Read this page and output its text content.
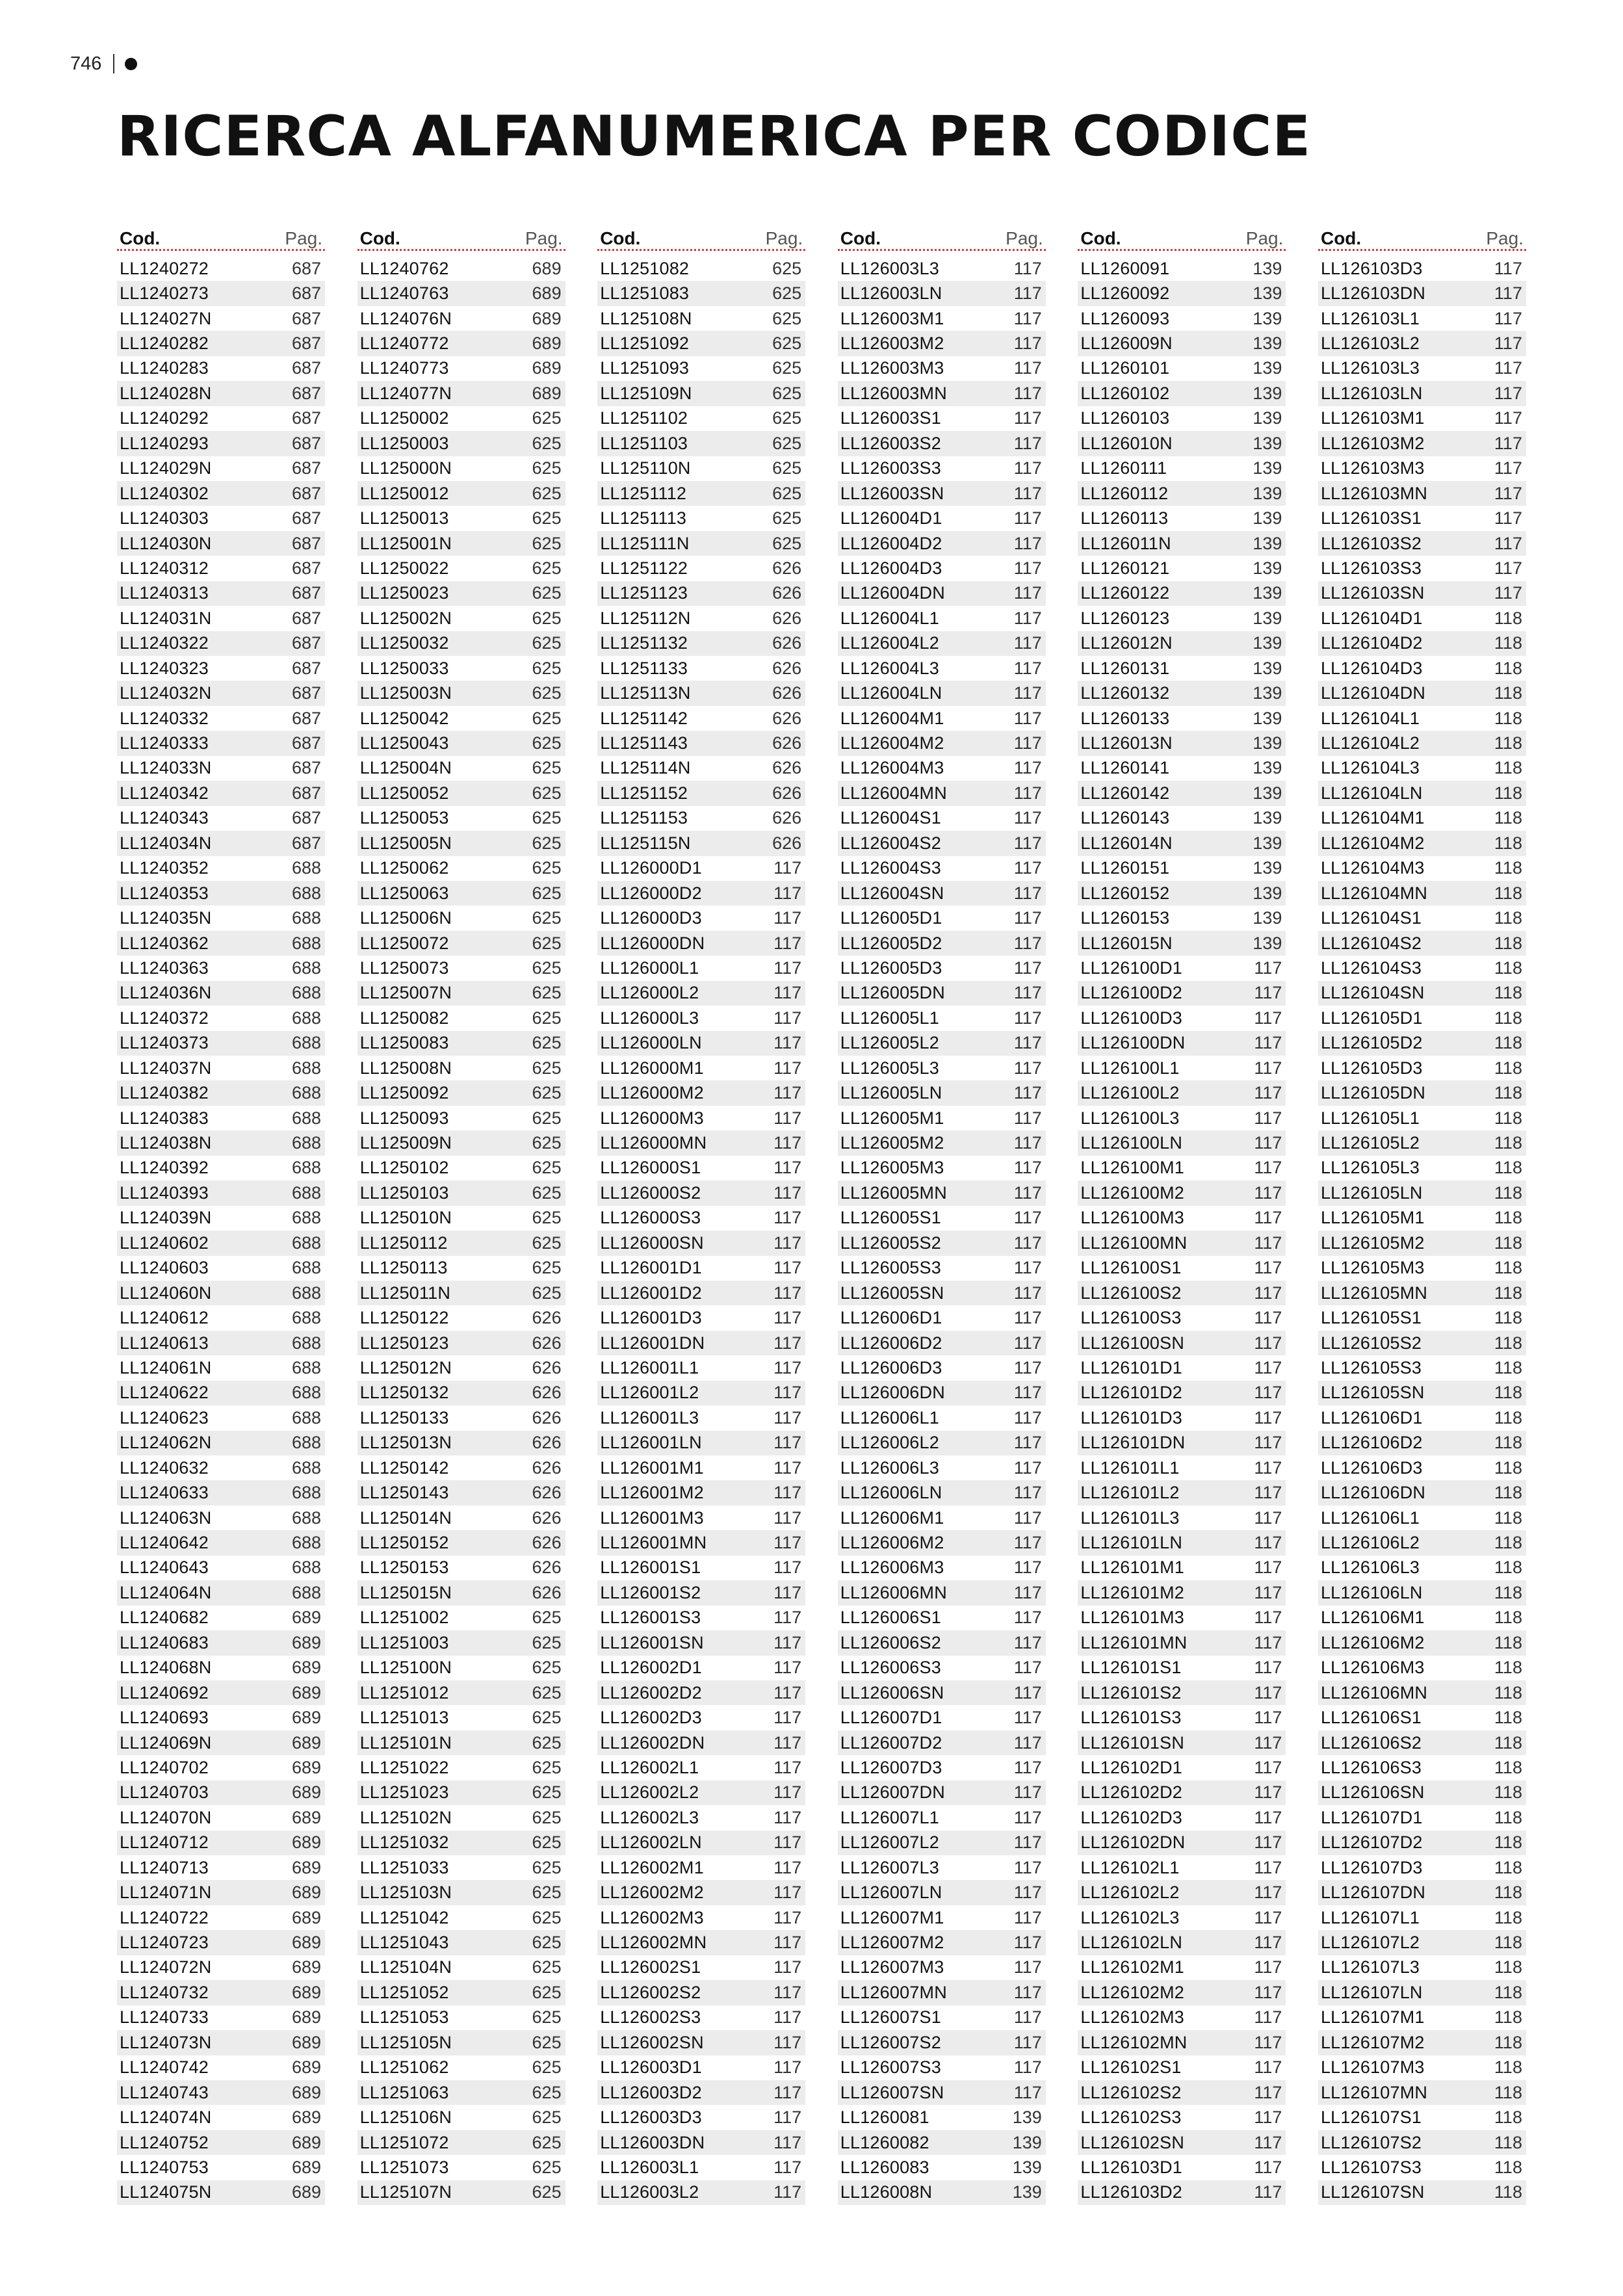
746
RICERCA ALFANUMERICA PER CODICE
Cod.	Pag.
LL1240272	687
LL1240273	687
LL124027N	687
LL1240282	687
LL1240283	687
LL124028N	687
LL1240292	687
LL1240293	687
LL124029N	687
LL1240302	687
LL1240303	687
LL124030N	687
LL1240312	687
LL1240313	687
LL124031N	687
LL1240322	687
LL1240323	687
LL124032N	687
LL1240332	687
LL1240333	687
LL124033N	687
LL1240342	687
LL1240343	687
LL124034N	687
LL1240352	688
LL1240353	688
LL124035N	688
LL1240362	688
LL1240363	688
LL124036N	688
LL1240372	688
LL1240373	688
LL124037N	688
LL1240382	688
LL1240383	688
LL124038N	688
LL1240392	688
LL1240393	688
LL124039N	688
LL1240602	688
LL1240603	688
LL124060N	688
LL1240612	688
LL1240613	688
LL124061N	688
LL1240622	688
LL1240623	688
LL124062N	688
LL1240632	688
LL1240633	688
LL124063N	688
LL1240642	688
LL1240643	688
LL124064N	688
LL1240682	689
LL1240683	689
LL124068N	689
LL1240692	689
LL1240693	689
LL124069N	689
LL1240702	689
LL1240703	689
LL124070N	689
LL1240712	689
LL1240713	689
LL124071N	689
LL1240722	689
LL1240723	689
LL124072N	689
LL1240732	689
LL1240733	689
LL124073N	689
LL1240742	689
LL1240743	689
LL124074N	689
LL1240752	689
LL1240753	689
LL124075N	689
Cod.	Pag.
LL1240762	689
LL1240763	689
LL124076N	689
LL1240772	689
LL1240773	689
LL124077N	689
LL1250002	625
LL1250003	625
LL125000N	625
LL1250012	625
LL1250013	625
LL125001N	625
LL1250022	625
LL1250023	625
LL125002N	625
LL1250032	625
LL1250033	625
LL125003N	625
LL1250042	625
LL1250043	625
LL125004N	625
LL1250052	625
LL1250053	625
LL125005N	625
LL1250062	625
LL1250063	625
LL125006N	625
LL1250072	625
LL1250073	625
LL125007N	625
LL1250082	625
LL1250083	625
LL125008N	625
LL1250092	625
LL1250093	625
LL125009N	625
LL1250102	625
LL1250103	625
LL125010N	625
LL1250112	625
LL1250113	625
LL125011N	625
LL1250122	626
LL1250123	626
LL125012N	626
LL1250132	626
LL1250133	626
LL125013N	626
LL1250142	626
LL1250143	626
LL125014N	626
LL1250152	626
LL1250153	626
LL125015N	626
LL1251002	625
LL1251003	625
LL125100N	625
LL1251012	625
LL1251013	625
LL125101N	625
LL1251022	625
LL1251023	625
LL125102N	625
LL1251032	625
LL1251033	625
LL125103N	625
LL1251042	625
LL1251043	625
LL125104N	625
LL1251052	625
LL1251053	625
LL125105N	625
LL1251062	625
LL1251063	625
LL125106N	625
LL1251072	625
LL1251073	625
LL125107N	625
Cod.	Pag.
LL1251082	625
LL1251083	625
LL125108N	625
LL1251092	625
LL1251093	625
LL125109N	625
LL1251102	625
LL1251103	625
LL125110N	625
LL1251112	625
LL1251113	625
LL125111N	625
LL1251122	626
LL1251123	626
LL125112N	626
LL1251132	626
LL1251133	626
LL125113N	626
LL1251142	626
LL1251143	626
LL125114N	626
LL1251152	626
LL1251153	626
LL125115N	626
LL126000D1	117
LL126000D2	117
LL126000D3	117
LL126000DN	117
LL126000L1	117
LL126000L2	117
LL126000L3	117
LL126000LN	117
LL126000M1	117
LL126000M2	117
LL126000M3	117
LL126000MN	117
LL126000S1	117
LL126000S2	117
LL126000S3	117
LL126000SN	117
LL126001D1	117
LL126001D2	117
LL126001D3	117
LL126001DN	117
LL126001L1	117
LL126001L2	117
LL126001L3	117
LL126001LN	117
LL126001M1	117
LL126001M2	117
LL126001M3	117
LL126001MN	117
LL126001S1	117
LL126001S2	117
LL126001S3	117
LL126001SN	117
LL126002D1	117
LL126002D2	117
LL126002D3	117
LL126002DN	117
LL126002L1	117
LL126002L2	117
LL126002L3	117
LL126002LN	117
LL126002M1	117
LL126002M2	117
LL126002M3	117
LL126002MN	117
LL126002S1	117
LL126002S2	117
LL126002S3	117
LL126002SN	117
LL126003D1	117
LL126003D2	117
LL126003D3	117
LL126003DN	117
LL126003L1	117
LL126003L2	117
Cod.	Pag.
LL126003L3	117
LL126003LN	117
LL126003M1	117
LL126003M2	117
LL126003M3	117
LL126003MN	117
LL126003S1	117
LL126003S2	117
LL126003S3	117
LL126003SN	117
LL126004D1	117
LL126004D2	117
LL126004D3	117
LL126004DN	117
LL126004L1	117
LL126004L2	117
LL126004L3	117
LL126004LN	117
LL126004M1	117
LL126004M2	117
LL126004M3	117
LL126004MN	117
LL126004S1	117
LL126004S2	117
LL126004S3	117
LL126004SN	117
LL126005D1	117
LL126005D2	117
LL126005D3	117
LL126005DN	117
LL126005L1	117
LL126005L2	117
LL126005L3	117
LL126005LN	117
LL126005M1	117
LL126005M2	117
LL126005M3	117
LL126005MN	117
LL126005S1	117
LL126005S2	117
LL126005S3	117
LL126005SN	117
LL126006D1	117
LL126006D2	117
LL126006D3	117
LL126006DN	117
LL126006L1	117
LL126006L2	117
LL126006L3	117
LL126006LN	117
LL126006M1	117
LL126006M2	117
LL126006M3	117
LL126006MN	117
LL126006S1	117
LL126006S2	117
LL126006S3	117
LL126006SN	117
LL126007D1	117
LL126007D2	117
LL126007D3	117
LL126007DN	117
LL126007L1	117
LL126007L2	117
LL126007L3	117
LL126007LN	117
LL126007M1	117
LL126007M2	117
LL126007M3	117
LL126007MN	117
LL126007S1	117
LL126007S2	117
LL126007S3	117
LL126007SN	117
LL1260081	139
LL1260082	139
LL1260083	139
LL126008N	139
Cod.	Pag.
LL1260091	139
LL1260092	139
LL1260093	139
LL126009N	139
LL1260101	139
LL1260102	139
LL1260103	139
LL126010N	139
LL1260111	139
LL1260112	139
LL1260113	139
LL126011N	139
LL1260121	139
LL1260122	139
LL1260123	139
LL126012N	139
LL1260131	139
LL1260132	139
LL1260133	139
LL126013N	139
LL1260141	139
LL1260142	139
LL1260143	139
LL126014N	139
LL1260151	139
LL1260152	139
LL1260153	139
LL126015N	139
LL126100D1	117
LL126100D2	117
LL126100D3	117
LL126100DN	117
LL126100L1	117
LL126100L2	117
LL126100L3	117
LL126100LN	117
LL126100M1	117
LL126100M2	117
LL126100M3	117
LL126100MN	117
LL126100S1	117
LL126100S2	117
LL126100S3	117
LL126100SN	117
LL126101D1	117
LL126101D2	117
LL126101D3	117
LL126101DN	117
LL126101L1	117
LL126101L2	117
LL126101L3	117
LL126101LN	117
LL126101M1	117
LL126101M2	117
LL126101M3	117
LL126101MN	117
LL126101S1	117
LL126101S2	117
LL126101S3	117
LL126101SN	117
LL126102D1	117
LL126102D2	117
LL126102D3	117
LL126102DN	117
LL126102L1	117
LL126102L2	117
LL126102L3	117
LL126102LN	117
LL126102M1	117
LL126102M2	117
LL126102M3	117
LL126102MN	117
LL126102S1	117
LL126102S2	117
LL126102S3	117
LL126102SN	117
LL126103D1	117
LL126103D2	117
Cod.	Pag.
LL126103D3	117
LL126103DN	117
LL126103L1	117
LL126103L2	117
LL126103L3	117
LL126103LN	117
LL126103M1	117
LL126103M2	117
LL126103M3	117
LL126103MN	117
LL126103S1	117
LL126103S2	117
LL126103S3	117
LL126103SN	117
LL126104D1	118
LL126104D2	118
LL126104D3	118
LL126104DN	118
LL126104L1	118
LL126104L2	118
LL126104L3	118
LL126104LN	118
LL126104M1	118
LL126104M2	118
LL126104M3	118
LL126104MN	118
LL126104S1	118
LL126104S2	118
LL126104S3	118
LL126104SN	118
LL126105D1	118
LL126105D2	118
LL126105D3	118
LL126105DN	118
LL126105L1	118
LL126105L2	118
LL126105L3	118
LL126105LN	118
LL126105M1	118
LL126105M2	118
LL126105M3	118
LL126105MN	118
LL126105S1	118
LL126105S2	118
LL126105S3	118
LL126105SN	118
LL126106D1	118
LL126106D2	118
LL126106D3	118
LL126106DN	118
LL126106L1	118
LL126106L2	118
LL126106L3	118
LL126106LN	118
LL126106M1	118
LL126106M2	118
LL126106M3	118
LL126106MN	118
LL126106S1	118
LL126106S2	118
LL126106S3	118
LL126106SN	118
LL126107D1	118
LL126107D2	118
LL126107D3	118
LL126107DN	118
LL126107L1	118
LL126107L2	118
LL126107L3	118
LL126107LN	118
LL126107M1	118
LL126107M2	118
LL126107M3	118
LL126107MN	118
LL126107S1	118
LL126107S2	118
LL126107S3	118
LL126107SN	118
